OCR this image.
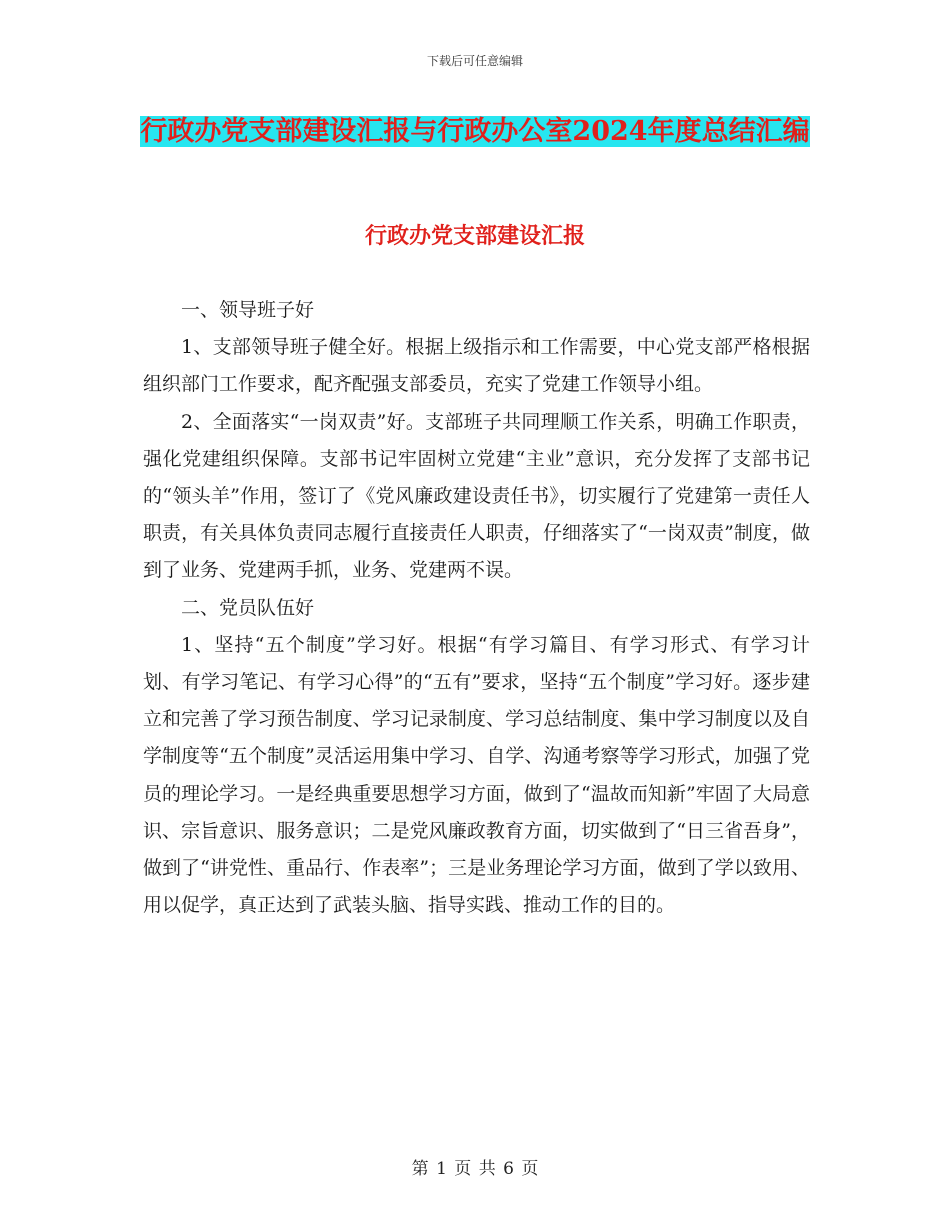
下载后可任意编辑
行政办党支部建设汇报与行政办公室2024年度总结汇编
行政办党支部建设汇报

一、领导班子好

1、支部领导班子健全好。根据上级指示和工作需要，中心党支部严格根据组织部门工作要求，配齐配强支部委员，充实了党建工作领导小组。

2、全面落实“一岗双责”好。支部班子共同理顺工作关系，明确工作职责，强化党建组织保障。支部书记牢固树立党建“主业”意识，充分发挥了支部书记的“领头羊”作用，签订了《党风廉政建设责任书》，切实履行了党建第一责任人职责，有关具体负责同志履行直接责任人职责，仔细落实了“一岗双责”制度，做到了业务、党建两手抓，业务、党建两不误。

二、党员队伍好

1、坚持“五个制度”学习好。根据“有学习篇目、有学习形式、有学习计划、有学习笔记、有学习心得”的“五有”要求，坚持“五个制度”学习好。逐步建立和完善了学习预告制度、学习记录制度、学习总结制度、集中学习制度以及自学制度等“五个制度”灵活运用集中学习、自学、沟通考察等学习形式，加强了党员的理论学习。一是经典重要思想学习方面，做到了“温故而知新”牢固了大局意识、宗旨意识、服务意识；二是党风廉政教育方面，切实做到了“日三省吾身”，做到了“讲党性、重品行、作表率”；三是业务理论学习方面，做到了学以致用、用以促学，真正达到了武装头脑、指导实践、推动工作的目的。

第 1 页 共 6 页
